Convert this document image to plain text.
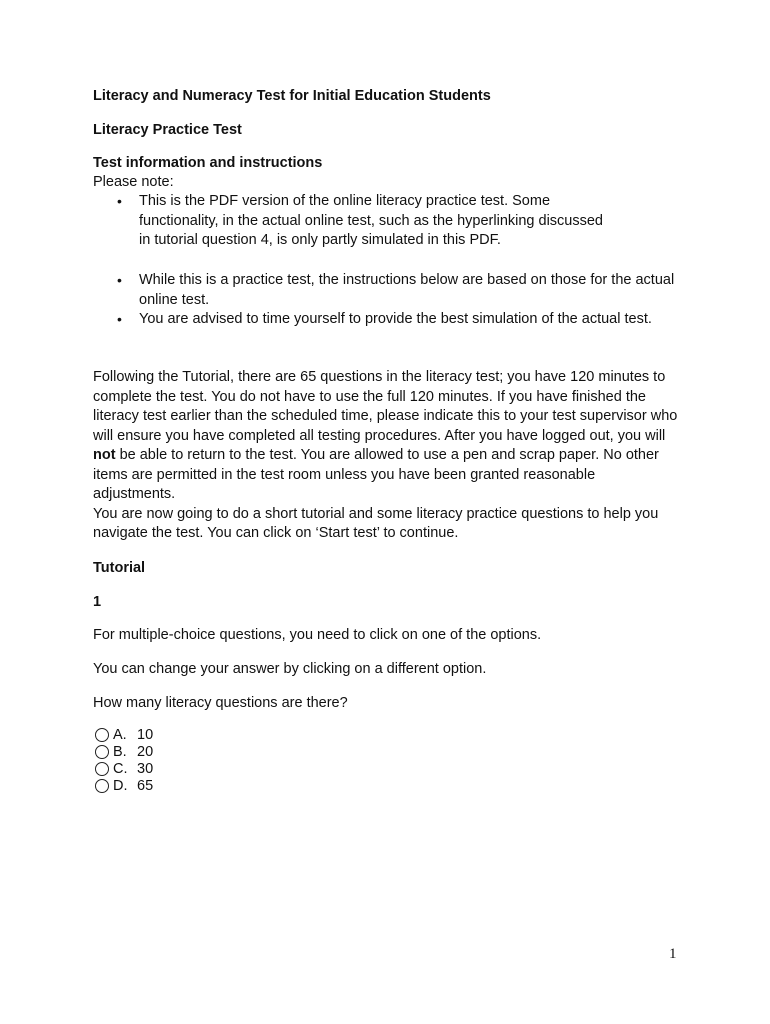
Literacy and Numeracy Test for Initial Education Students
Literacy Practice Test
Test information and instructions
Please note:
• This is the PDF version of the online literacy practice test. Some functionality, in the actual online test, such as the hyperlinking discussed in tutorial question 4, is only partly simulated in this PDF.
• While this is a practice test, the instructions below are based on those for the actual online test.
• You are advised to time yourself to provide the best simulation of the actual test.
Following the Tutorial, there are 65 questions in the literacy test; you have 120 minutes to complete the test. You do not have to use the full 120 minutes. If you have finished the literacy test earlier than the scheduled time, please indicate this to your test supervisor who will ensure you have completed all testing procedures. After you have logged out, you will not be able to return to the test. You are allowed to use a pen and scrap paper. No other items are permitted in the test room unless you have been granted reasonable adjustments.
You are now going to do a short tutorial and some literacy practice questions to help you navigate the test. You can click on ‘Start test’ to continue.
Tutorial
1
For multiple-choice questions, you need to click on one of the options.
You can change your answer by clicking on a different option.
How many literacy questions are there?
A. 10
B. 20
C. 30
D. 65
1
